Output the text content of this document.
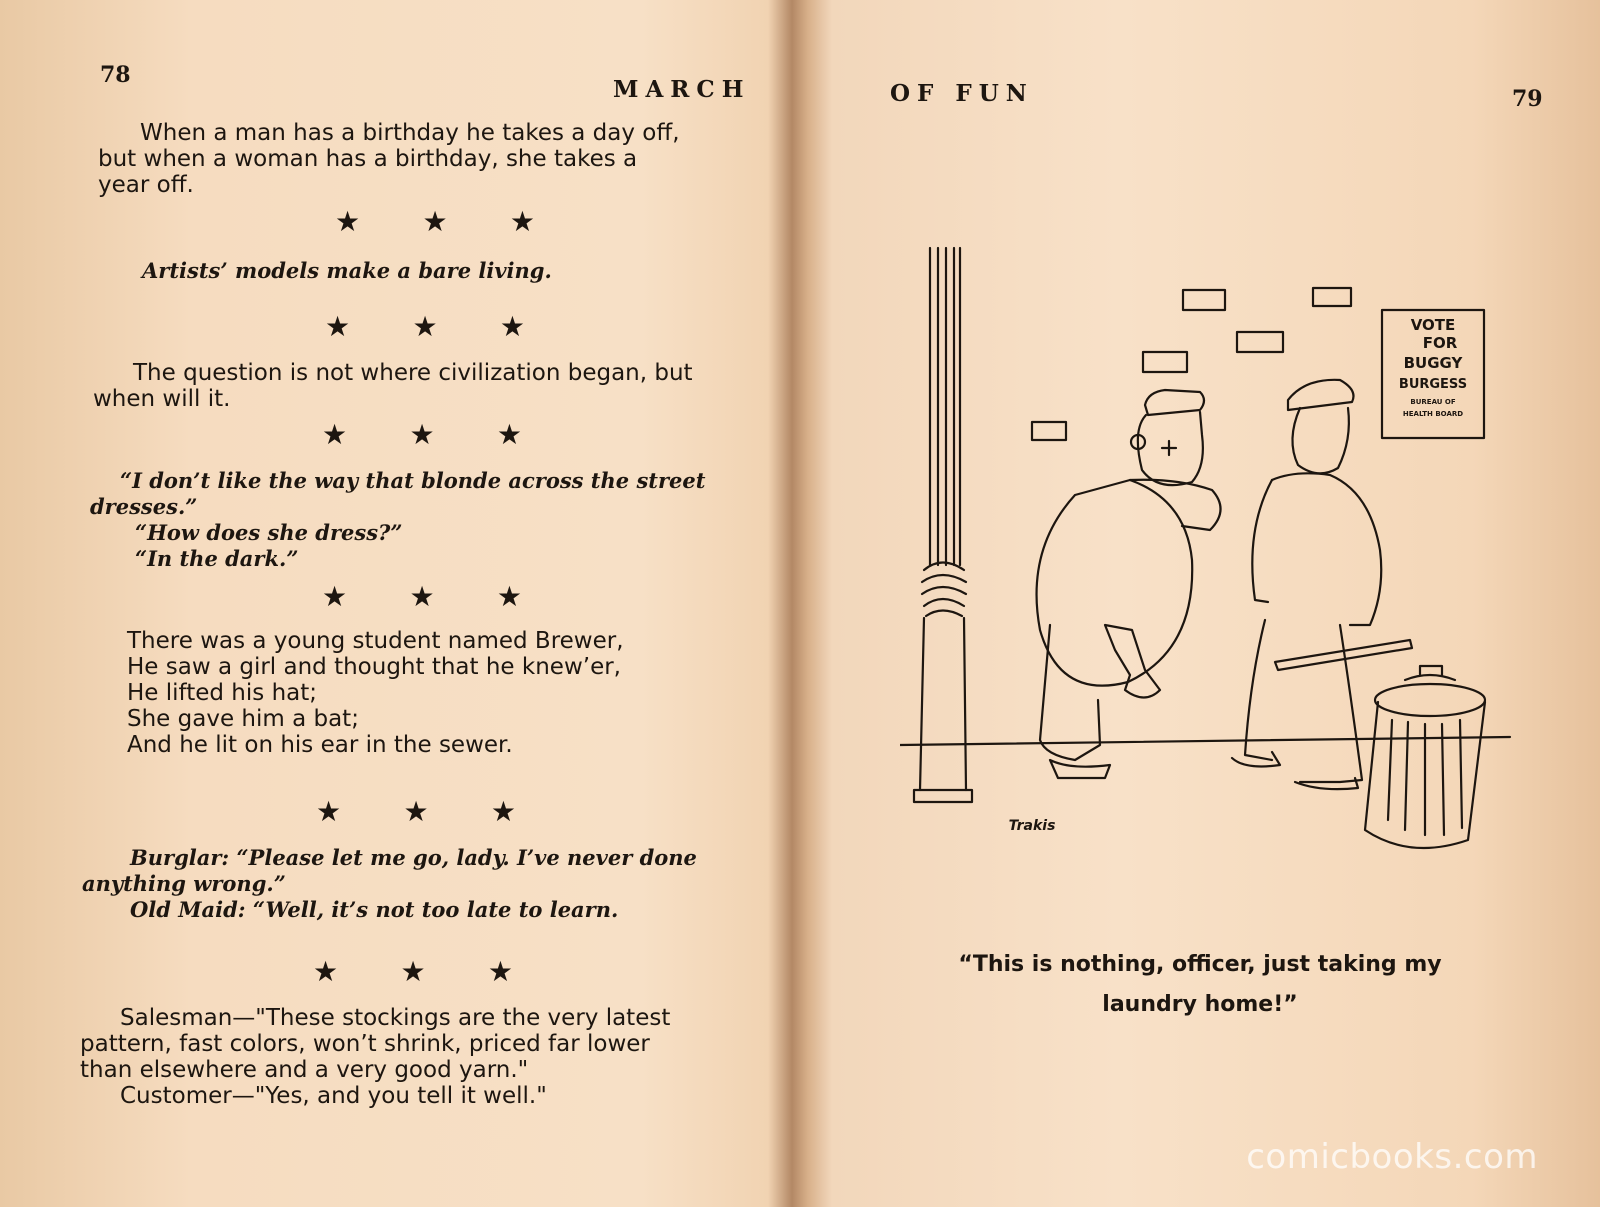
78
MARCH
When a man has a birthday he takes a day off,
but when a woman has a birthday, she takes a
year off.
★ ★ ★
Artists’ models make a bare living.
★ ★ ★
The question is not where civilization began, but
when will it.
★ ★ ★
“I don’t like the way that blonde across the street
dresses.”
“How does she dress?”
“In the dark.”
★ ★ ★
There was a young student named Brewer,
He saw a girl and thought that he knew’er,
He lifted his hat;
She gave him a bat;
And he lit on his ear in the sewer.
★ ★ ★
Burglar: “Please let me go, lady. I’ve never done
anything wrong.”
Old Maid: “Well, it’s not too late to learn.
★ ★ ★
Salesman—"These stockings are the very latest
pattern, fast colors, won’t shrink, priced far lower
than elsewhere and a very good yarn."
Customer—"Yes, and you tell it well."
OF FUN	79
VOTE
FOR
BUGGY
BURGESS
BUREAU OF
HEALTH BOARD
Trakis
“This is nothing, officer, just taking my
laundry home!”
comicbooks.com
